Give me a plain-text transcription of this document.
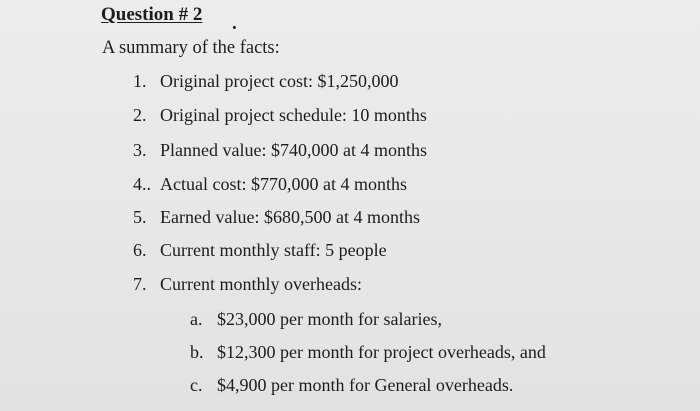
Question # 2 .
A summary of the facts:
1. Original project cost: $1,250,000
2. Original project schedule: 10 months
3. Planned value: $740,000 at 4 months
4.. Actual cost: $770,000 at 4 months
5. Earned value: $680,500 at 4 months
6. Current monthly staff: 5 people
7. Current monthly overheads:
a. $23,000 per month for salaries,
b. $12,300 per month for project overheads, and
c. $4,900 per month for General overheads.
